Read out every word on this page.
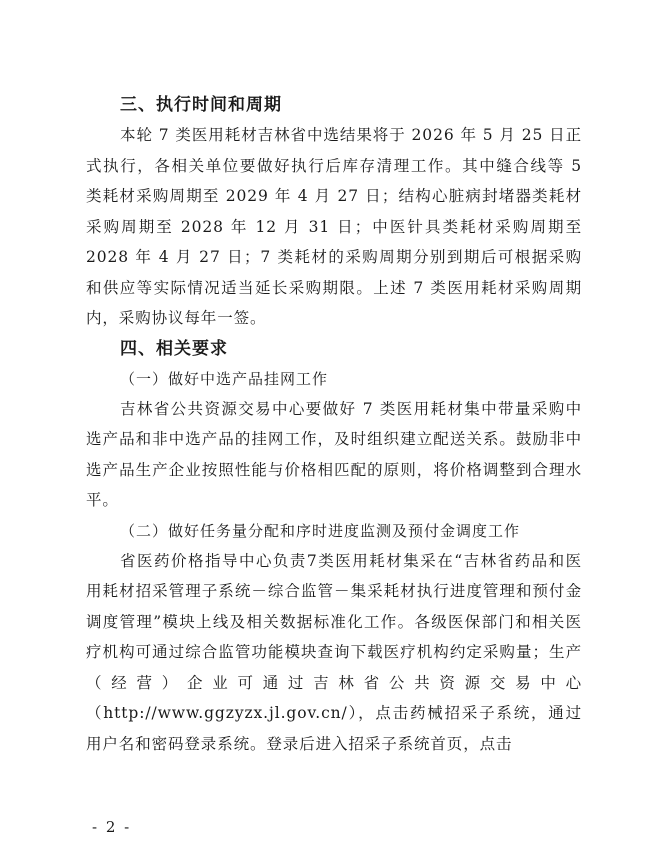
三、执行时间和周期

本轮 7 类医用耗材吉林省中选结果将于 2026 年 5 月 25 日正式执行，各相关单位要做好执行后库存清理工作。其中缝合线等 5 类耗材采购周期至 2029 年 4 月 27 日；结构心脏病封堵器类耗材采购周期至 2028 年 12 月 31 日；中医针具类耗材采购周期至 2028 年 4 月 27 日；7 类耗材的采购周期分别到期后可根据采购和供应等实际情况适当延长采购期限。上述 7 类医用耗材采购周期内，采购协议每年一签。

四、相关要求

（一）做好中选产品挂网工作

吉林省公共资源交易中心要做好 7 类医用耗材集中带量采购中选产品和非中选产品的挂网工作，及时组织建立配送关系。鼓励非中选产品生产企业按照性能与价格相匹配的原则，将价格调整到合理水平。

（二）做好任务量分配和序时进度监测及预付金调度工作

省医药价格指导中心负责7类医用耗材集采在“吉林省药品和医用耗材招采管理子系统－综合监管－集采耗材执行进度管理和预付金调度管理”模块上线及相关数据标准化工作。各级医保部门和相关医疗机构可通过综合监管功能模块查询下载医疗机构约定采购量；生产（经营）企业可通过吉林省公共资源交易中心（http://www.ggzyzx.jl.gov.cn/），点击药械招采子系统，通过用户名和密码登录系统。登录后进入招采子系统首页，点击

- 2 -
